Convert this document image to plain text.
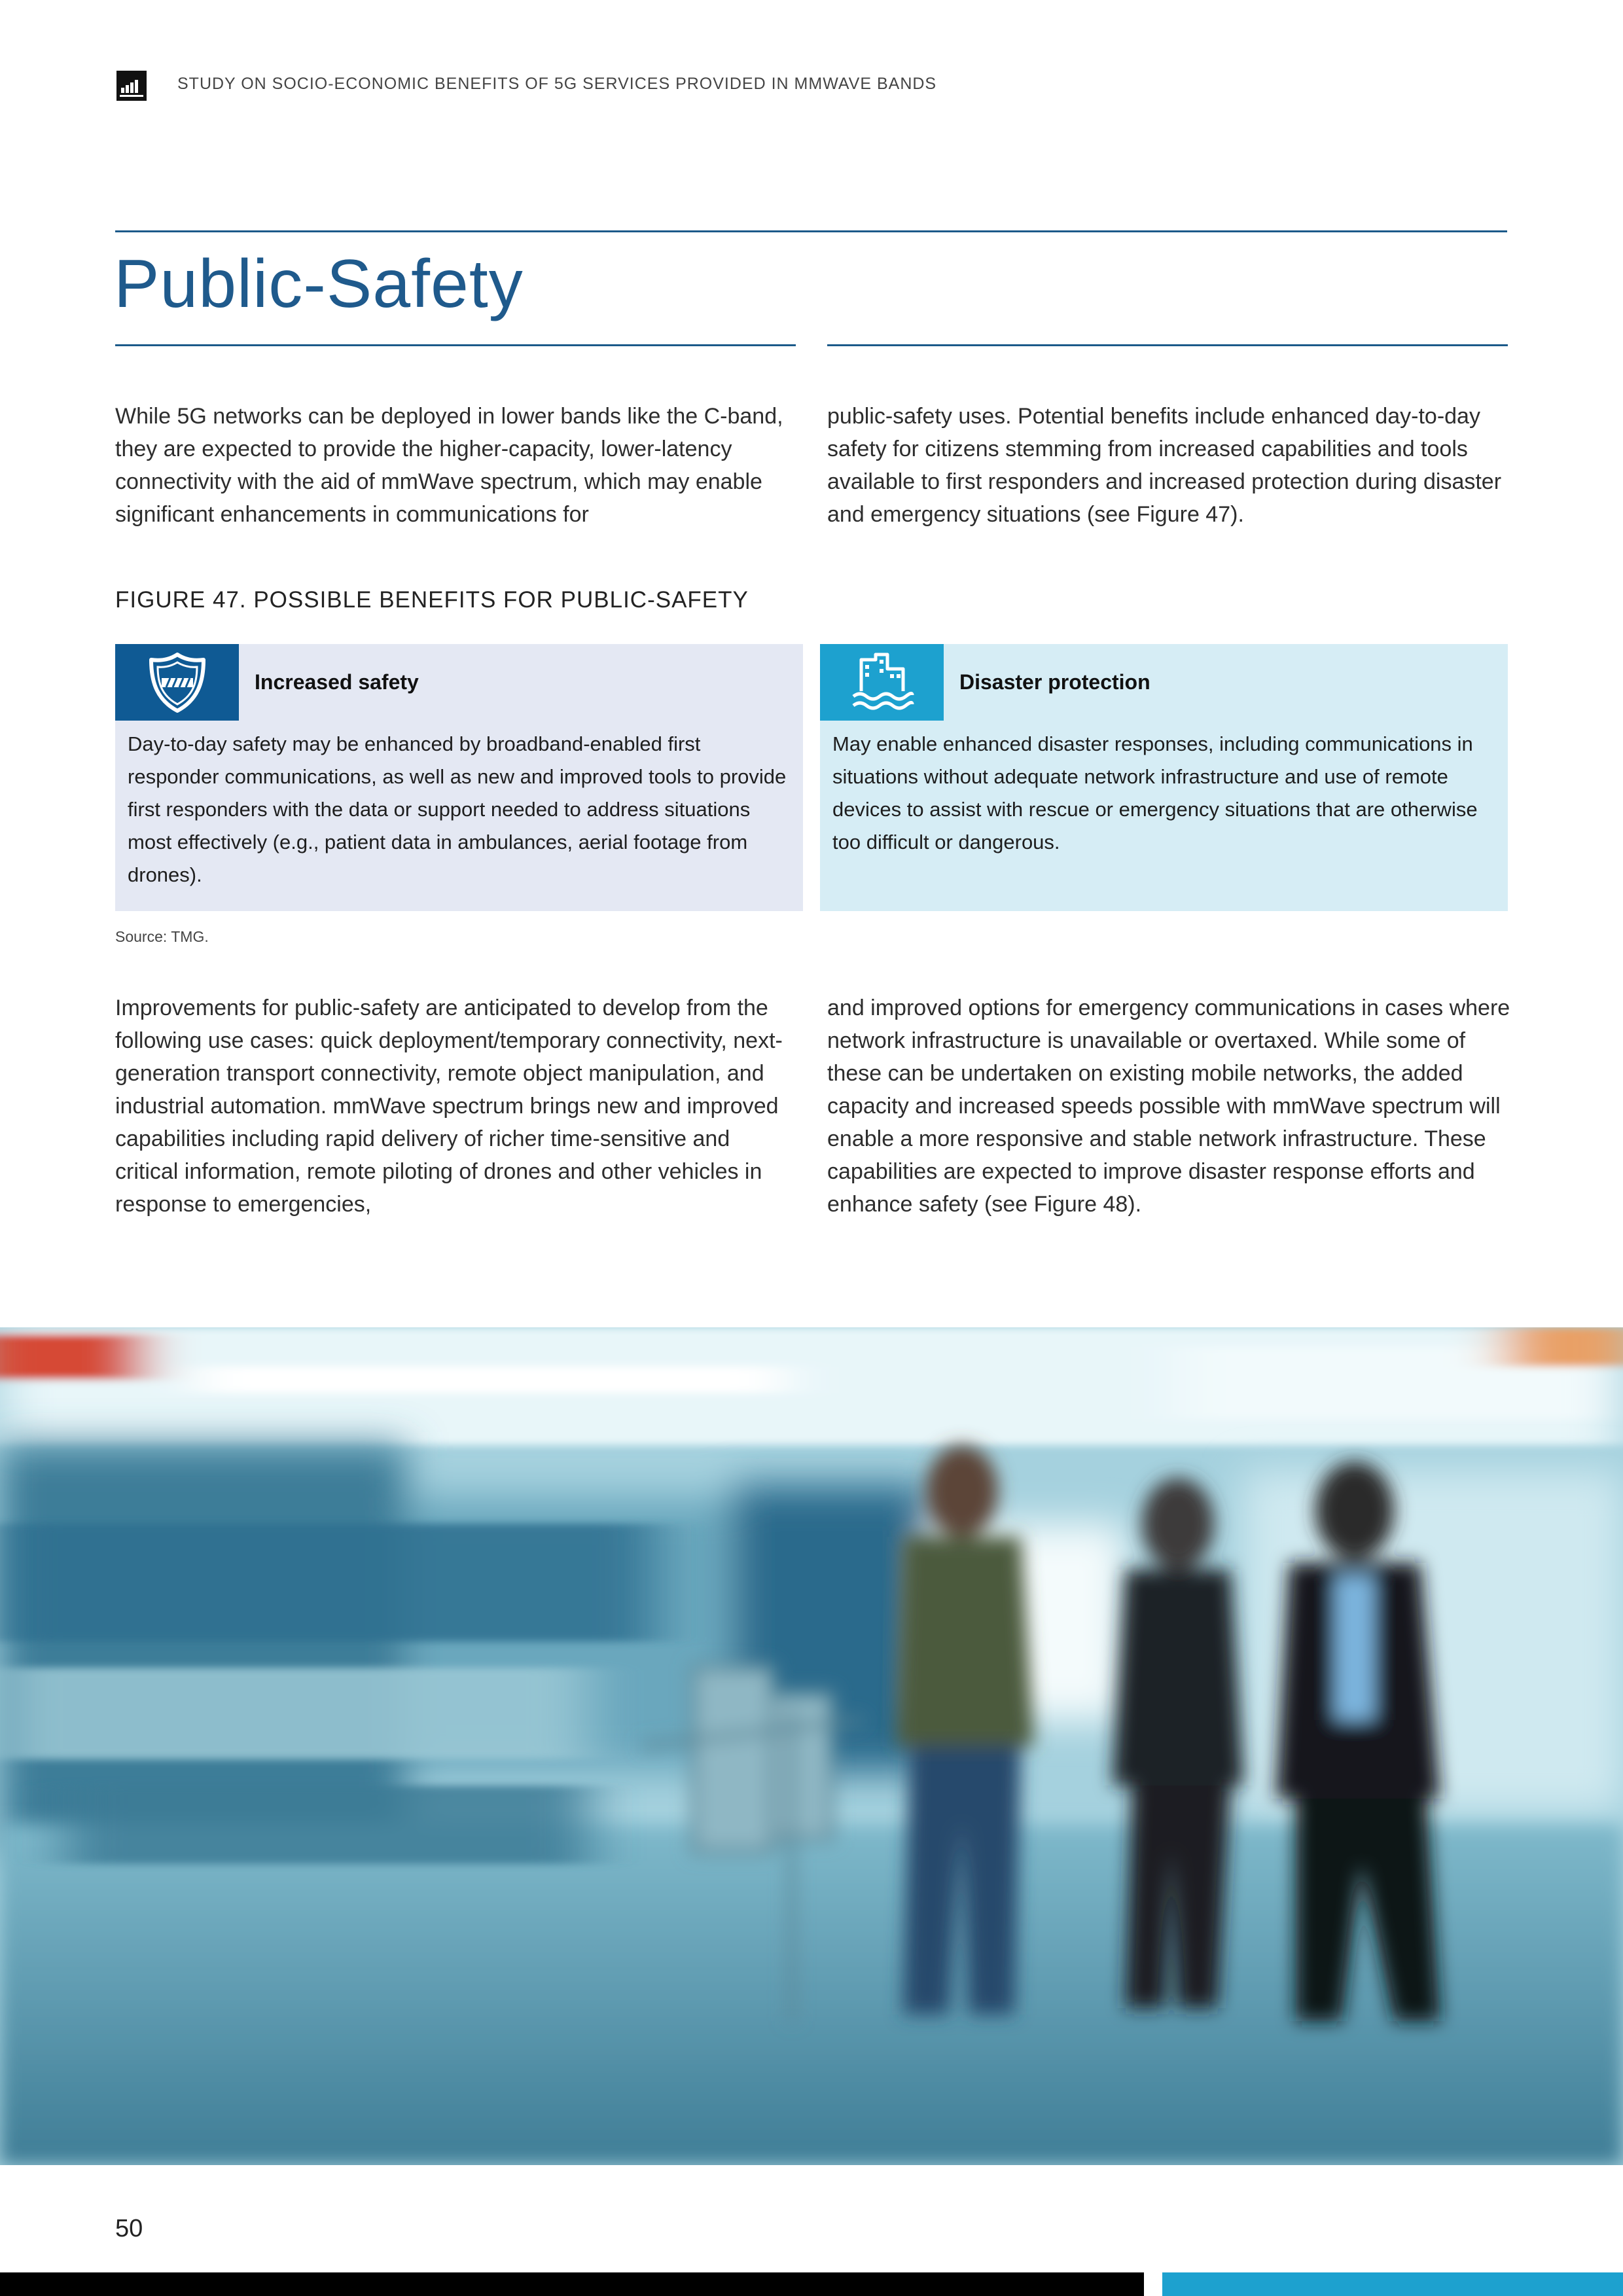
STUDY ON SOCIO-ECONOMIC BENEFITS OF 5G SERVICES PROVIDED IN MMWAVE BANDS
Public-Safety

While 5G networks can be deployed in lower bands like the C-band, they are expected to provide the higher-capacity, lower-latency connectivity with the aid of mmWave spectrum, which may enable significant enhancements in communications for

public-safety uses. Potential benefits include enhanced day-to-day safety for citizens stemming from increased capabilities and tools available to first responders and increased protection during disaster and emergency situations (see Figure 47).

FIGURE 47. POSSIBLE BENEFITS FOR PUBLIC-SAFETY
Increased safety
Day-to-day safety may be enhanced by broadband-enabled first responder communications, as well as new and improved tools to provide first responders with the data or support needed to address situations most effectively (e.g., patient data in ambulances, aerial footage from drones).
Disaster protection
May enable enhanced disaster responses, including communications in situations without adequate network infrastructure and use of remote devices to assist with rescue or emergency situations that are otherwise too difficult or dangerous.
Source: TMG.

Improvements for public-safety are anticipated to develop from the following use cases: quick deployment/temporary connectivity, next-generation transport connectivity, remote object manipulation, and industrial automation. mmWave spectrum brings new and improved capabilities including rapid delivery of richer time-sensitive and critical information, remote piloting of drones and other vehicles in response to emergencies,

and improved options for emergency communications in cases where network infrastructure is unavailable or overtaxed. While some of these can be undertaken on existing mobile networks, the added capacity and increased speeds possible with mmWave spectrum will enable a more responsive and stable network infrastructure. These capabilities are expected to improve disaster response efforts and enhance safety (see Figure 48).

50
